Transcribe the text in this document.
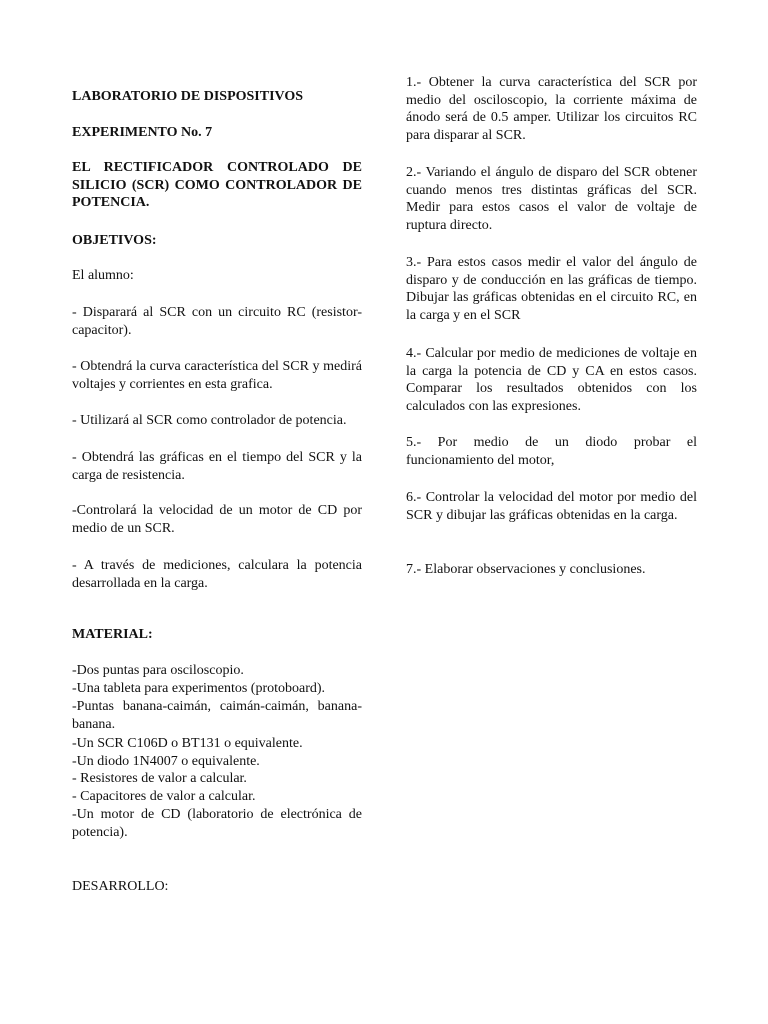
LABORATORIO DE DISPOSITIVOS

EXPERIMENTO No. 7

EL RECTIFICADOR CONTROLADO DE SILICIO (SCR) COMO CONTROLADOR DE POTENCIA.

OBJETIVOS:

El alumno:

- Disparará al SCR con un circuito RC (resistor-capacitor).

- Obtendrá la curva característica del SCR y medirá voltajes y corrientes en esta grafica.

- Utilizará al SCR como controlador de potencia.

- Obtendrá las gráficas en el tiempo del SCR y la carga de resistencia.

-Controlará la velocidad de un motor de CD por medio de un SCR.

- A través de mediciones, calculara la potencia desarrollada en la carga.

MATERIAL:

-Dos puntas para osciloscopio.

-Una tableta para experimentos (protoboard).

-Puntas banana-caimán, caimán-caimán, banana-banana.

-Un SCR C106D o BT131 o equivalente.

-Un diodo 1N4007 o equivalente.

- Resistores de valor a calcular.

- Capacitores de valor a calcular.

-Un motor de CD (laboratorio de electrónica de potencia).

DESARROLLO:

1.- Obtener la curva característica del SCR por medio del osciloscopio, la corriente máxima de ánodo será de 0.5 amper. Utilizar los circuitos RC para disparar al SCR.

2.- Variando el ángulo de disparo del SCR obtener cuando menos tres distintas gráficas del SCR. Medir para estos casos el valor de voltaje de ruptura directo.

3.- Para estos casos medir el valor del ángulo de disparo y de conducción en las gráficas de tiempo. Dibujar las gráficas obtenidas en el circuito RC, en la carga y en el SCR

4.- Calcular por medio de mediciones de voltaje en la carga la potencia de CD y CA en estos casos. Comparar los resultados obtenidos con los calculados con las expresiones.

5.- Por medio de un diodo probar el funcionamiento del motor,

6.- Controlar la velocidad del motor por medio del SCR y dibujar las gráficas obtenidas en la carga.

7.- Elaborar observaciones y conclusiones.
